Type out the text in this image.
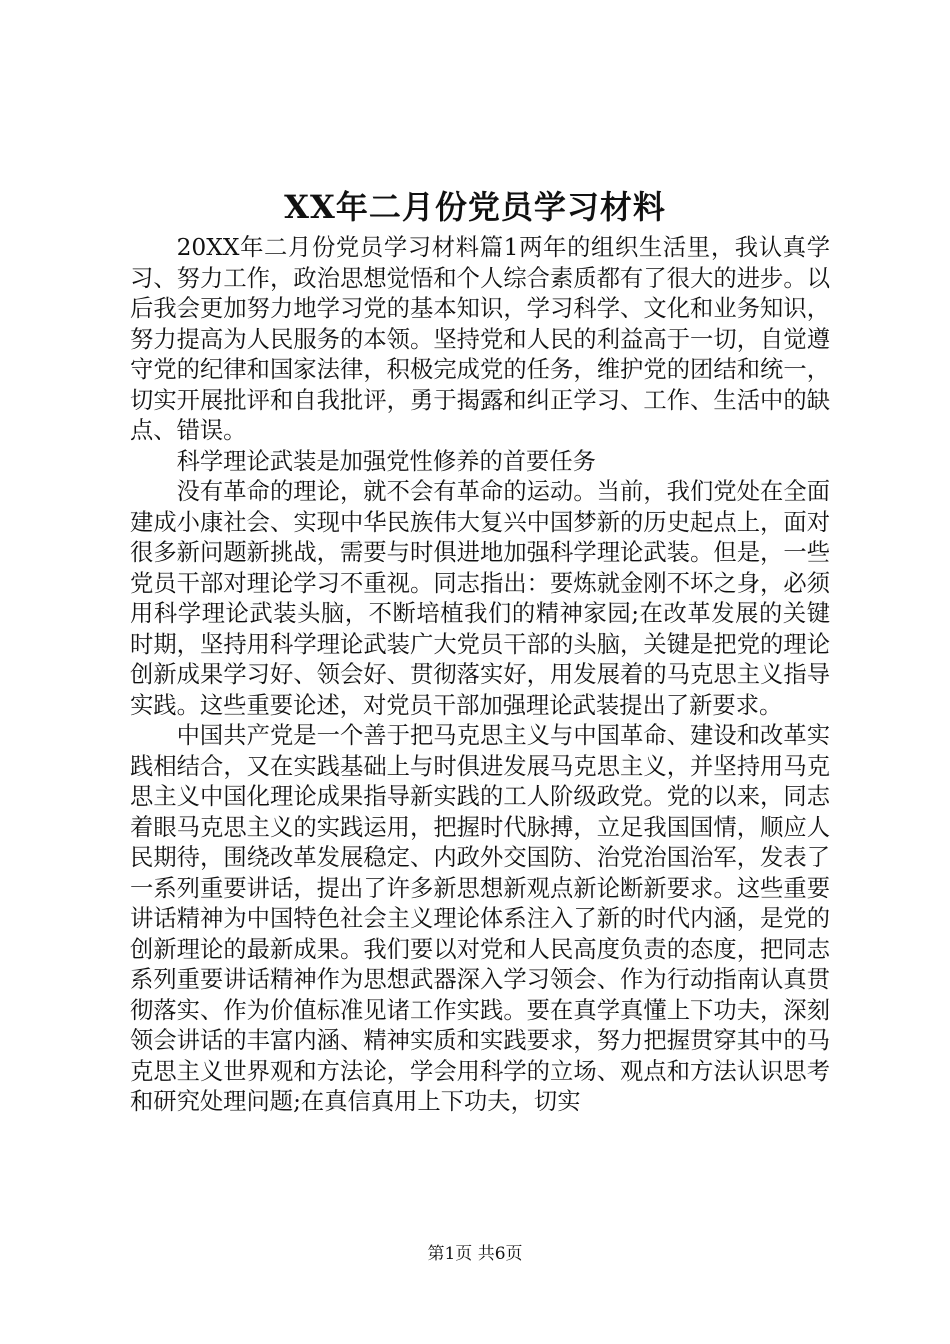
XX年二月份党员学习材料

20XX年二月份党员学习材料篇1两年的组织生活里，我认真学习、努力工作，政治思想觉悟和个人综合素质都有了很大的进步。以后我会更加努力地学习党的基本知识，学习科学、文化和业务知识，努力提高为人民服务的本领。坚持党和人民的利益高于一切，自觉遵守党的纪律和国家法律，积极完成党的任务，维护党的团结和统一，切实开展批评和自我批评，勇于揭露和纠正学习、工作、生活中的缺点、错误。

科学理论武装是加强党性修养的首要任务

没有革命的理论，就不会有革命的运动。当前，我们党处在全面建成小康社会、实现中华民族伟大复兴中国梦新的历史起点上，面对很多新问题新挑战，需要与时俱进地加强科学理论武装。但是，一些党员干部对理论学习不重视。同志指出：要炼就金刚不坏之身，必须用科学理论武装头脑，不断培植我们的精神家园;在改革发展的关键时期，坚持用科学理论武装广大党员干部的头脑，关键是把党的理论创新成果学习好、领会好、贯彻落实好，用发展着的马克思主义指导实践。这些重要论述，对党员干部加强理论武装提出了新要求。

中国共产党是一个善于把马克思主义与中国革命、建设和改革实践相结合，又在实践基础上与时俱进发展马克思主义，并坚持用马克思主义中国化理论成果指导新实践的工人阶级政党。党的以来，同志着眼马克思主义的实践运用，把握时代脉搏，立足我国国情，顺应人民期待，围绕改革发展稳定、内政外交国防、治党治国治军，发表了一系列重要讲话，提出了许多新思想新观点新论断新要求。这些重要讲话精神为中国特色社会主义理论体系注入了新的时代内涵，是党的创新理论的最新成果。我们要以对党和人民高度负责的态度，把同志系列重要讲话精神作为思想武器深入学习领会、作为行动指南认真贯彻落实、作为价值标准见诸工作实践。要在真学真懂上下功夫，深刻领会讲话的丰富内涵、精神实质和实践要求，努力把握贯穿其中的马克思主义世界观和方法论，学会用科学的立场、观点和方法认识思考和研究处理问题;在真信真用上下功夫，切实

第1页 共6页
